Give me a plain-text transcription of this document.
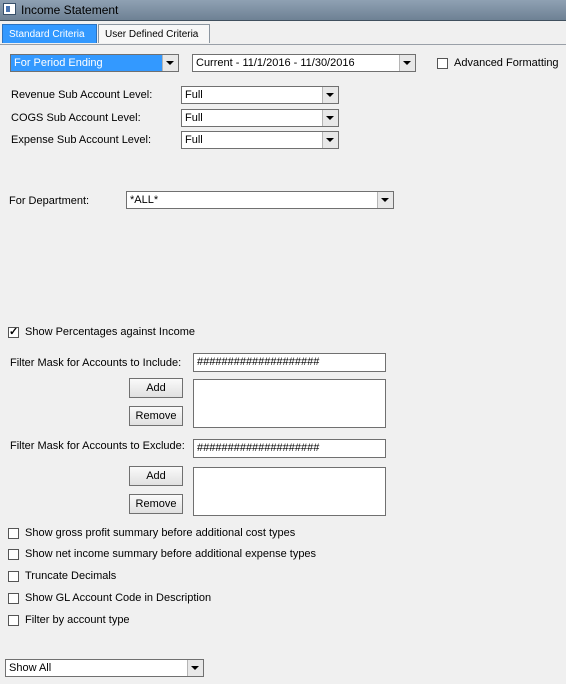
Income Statement
Standard Criteria	User Defined Criteria
For Period Ending	Current - 11/1/2016 - 11/30/2016	Advanced Formatting
Revenue Sub Account Level:	Full
COGS Sub Account Level:	Full
Expense Sub Account Level:	Full
For Department:	*ALL*
✓
Show Percentages against Income
Filter Mask for Accounts to Include:	####################
Add
Remove
Filter Mask for Accounts to Exclude:	####################
Add
Remove
Show gross profit summary before additional cost types
Show net income summary before additional expense types
Truncate Decimals
Show GL Account Code in Description
Filter by account type
Show All
